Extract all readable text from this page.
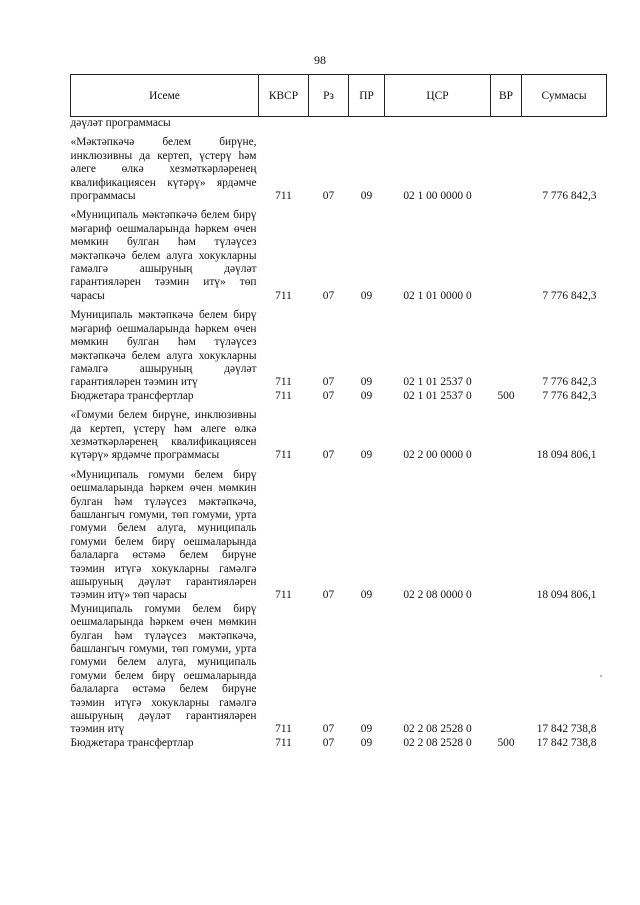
98
Исеме	КВСР	Рз	ПР	ЦСР	ВР	Суммасы
дәүләт программасы						

«Мәктәпкәчә белем бирүне, инклюзивны да кертеп, үстерү һәм әлеге өлкә хезмәткәрләренең квалификациясен күтәрү» ярдәмче программасы	711	07	09	02 1 00 0000 0		7 776 842,3

«Муниципаль мәктәпкәчә белем бирү мәгариф оешмаларында һәркем өчен мөмкин булган һәм түләүсез мәктәпкәчә белем алуга хокукларны гамәлгә ашыруның дәүләт гарантияләрен тәэмин итү» төп чарасы	711	07	09	02 1 01 0000 0		7 776 842,3

Муниципаль мәктәпкәчә белем бирү мәгариф оешмаларында һәркем өчен мөмкин булган һәм түләүсез мәктәпкәчә белем алуга хокукларны гамәлгә ашыруның дәүләт гарантияләрен тәэмин итү	711	07	09	02 1 01 2537 0		7 776 842,3
Бюджетара трансфертлар	711	07	09	02 1 01 2537 0	500	7 776 842,3

«Гомуми белем бирүне, инклюзивны да кертеп, үстерү һәм әлеге өлкә хезмәткәрләренең квалификациясен күтәрү» ярдәмче программасы	711	07	09	02 2 00 0000 0		18 094 806,1

«Муниципаль гомуми белем бирү оешмаларында һәркем өчен мөмкин булган һәм түләүсез мәктәпкәчә, башлангыч гомуми, төп гомуми, урта гомуми белем алуга, муниципаль гомуми белем бирү оешмаларында балаларга өстәмә белем бирүне тәэмин итүгә хокукларны гамәлгә ашыруның дәүләт гарантияләрен тәэмин итү» төп чарасы	711	07	09	02 2 08 0000 0		18 094 806,1
Муниципаль гомуми белем бирү оешмаларында һәркем өчен мөмкин булган һәм түләүсез мәктәпкәчә, башлангыч гомуми, төп гомуми, урта гомуми белем алуга, муниципаль гомуми белем бирү оешмаларында балаларга өстәмә белем бирүне тәэмин итүгә хокукларны гамәлгә ашыруның дәүләт гарантияләрен тәэмин итү	711	07	09	02 2 08 2528 0		17 842 738,8
Бюджетара трансфертлар	711	07	09	02 2 08 2528 0	500	17 842 738,8
